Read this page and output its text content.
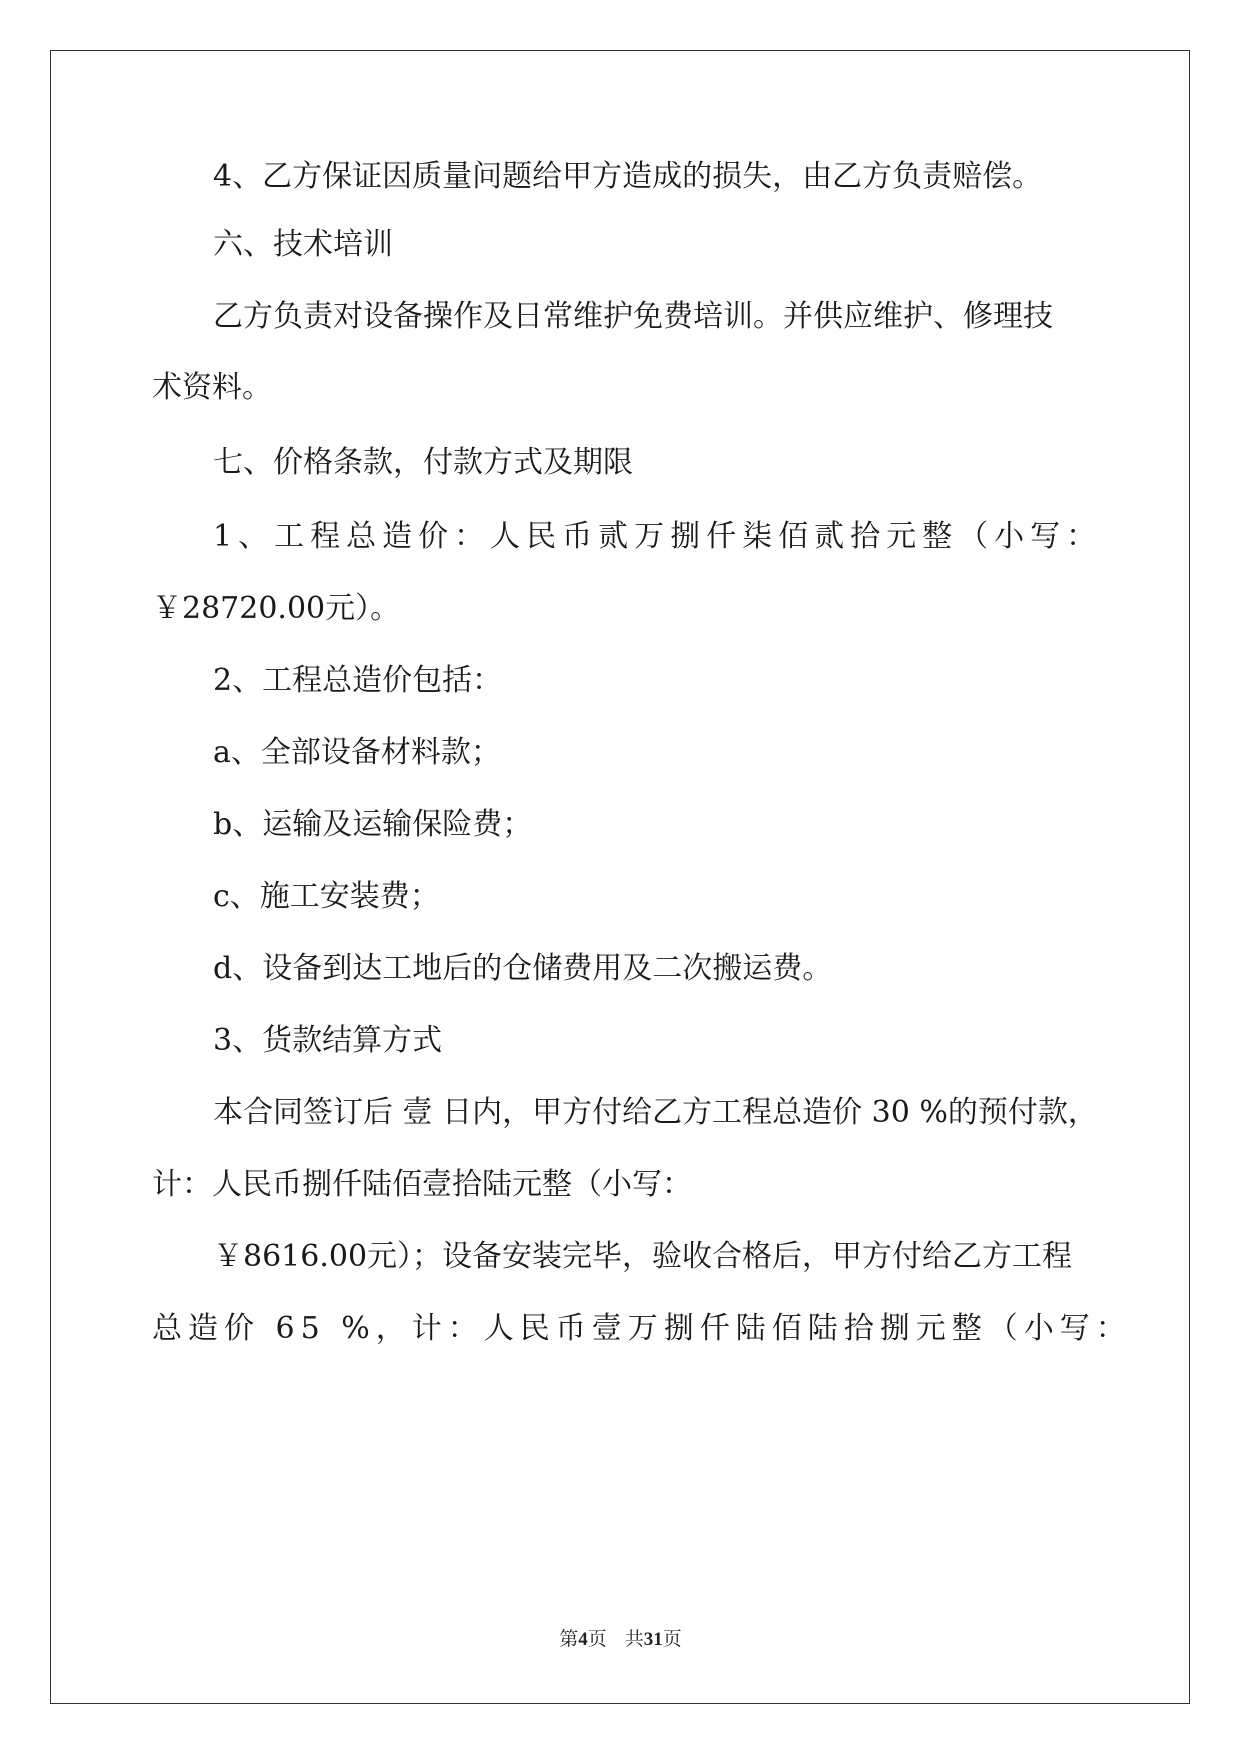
4、乙方保证因质量问题给甲方造成的损失，由乙方负责赔偿。
六、技术培训
乙方负责对设备操作及日常维护免费培训。并供应维护、修理技
术资料。
七、价格条款，付款方式及期限
1、工程总造价：人民币贰万捌仟柒佰贰拾元整（小写：
￥28720.00元）。
2、工程总造价包括：
a、全部设备材料款；
b、运输及运输保险费；
c、施工安装费；
d、设备到达工地后的仓储费用及二次搬运费。
3、货款结算方式
本合同签订后 壹 日内，甲方付给乙方工程总造价 30 %的预付款，
计：人民币捌仟陆佰壹拾陆元整（小写：
￥8616.00元）；设备安装完毕，验收合格后，甲方付给乙方工程
总造价 65 %，计：人民币壹万捌仟陆佰陆拾捌元整（小写：
第4页 共31页
